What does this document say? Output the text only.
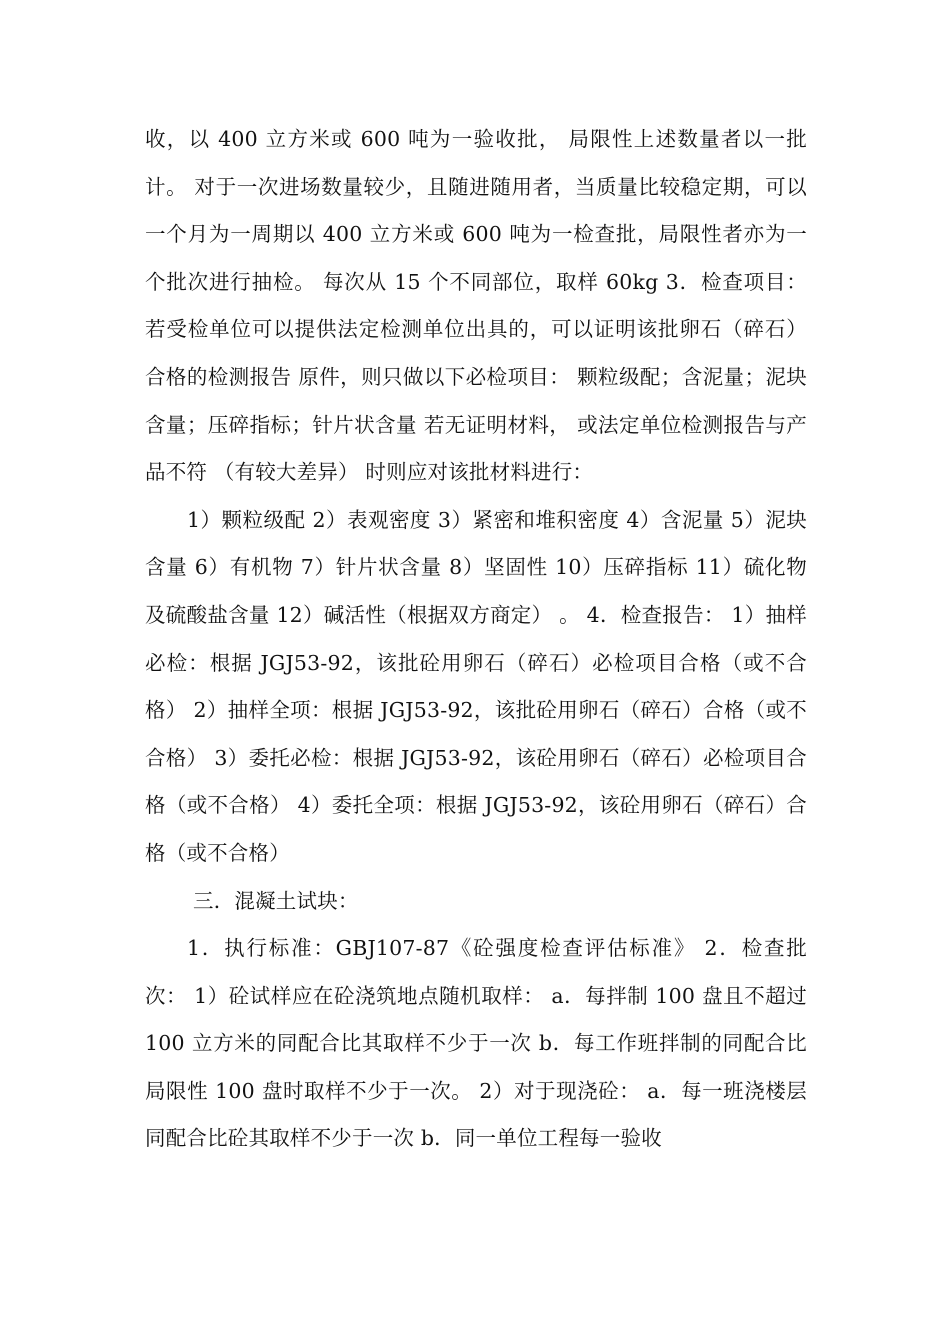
收，以 400 立方米或 600 吨为一验收批， 局限性上述数量者以一批计。 对于一次进场数量较少，且随进随用者，当质量比较稳定期，可以一个月为一周期以 400 立方米或 600 吨为一检查批，局限性者亦为一个批次进行抽检。 每次从 15 个不同部位，取样 60kg 3．检查项目： 若受检单位可以提供法定检测单位出具的，可以证明该批卵石（碎石）合格的检测报告 原件，则只做以下必检项目： 颗粒级配；含泥量；泥块含量；压碎指标；针片状含量 若无证明材料， 或法定单位检测报告与产品不符 （有较大差异） 时则应对该批材料进行：

1）颗粒级配 2）表观密度 3）紧密和堆积密度 4）含泥量 5）泥块含量 6）有机物 7）针片状含量 8）坚固性 10）压碎指标 11）硫化物及硫酸盐含量 12）碱活性（根据双方商定） 。 4．检查报告： 1）抽样必检：根据 JGJ53-92，该批砼用卵石（碎石）必检项目合格（或不合格） 2）抽样全项：根据 JGJ53-92，该批砼用卵石（碎石）合格（或不合格） 3）委托必检：根据 JGJ53-92，该砼用卵石（碎石）必检项目合格（或不合格） 4）委托全项：根据 JGJ53-92，该砼用卵石（碎石）合格（或不合格）

三．混凝土试块：

1．执行标准：GBJ107-87《砼强度检查评估标准》 2．检查批次： 1）砼试样应在砼浇筑地点随机取样： a．每拌制 100 盘且不超过 100 立方米的同配合比其取样不少于一次 b．每工作班拌制的同配合比局限性 100 盘时取样不少于一次。 2）对于现浇砼： a．每一班浇楼层同配合比砼其取样不少于一次 b．同一单位工程每一验收
